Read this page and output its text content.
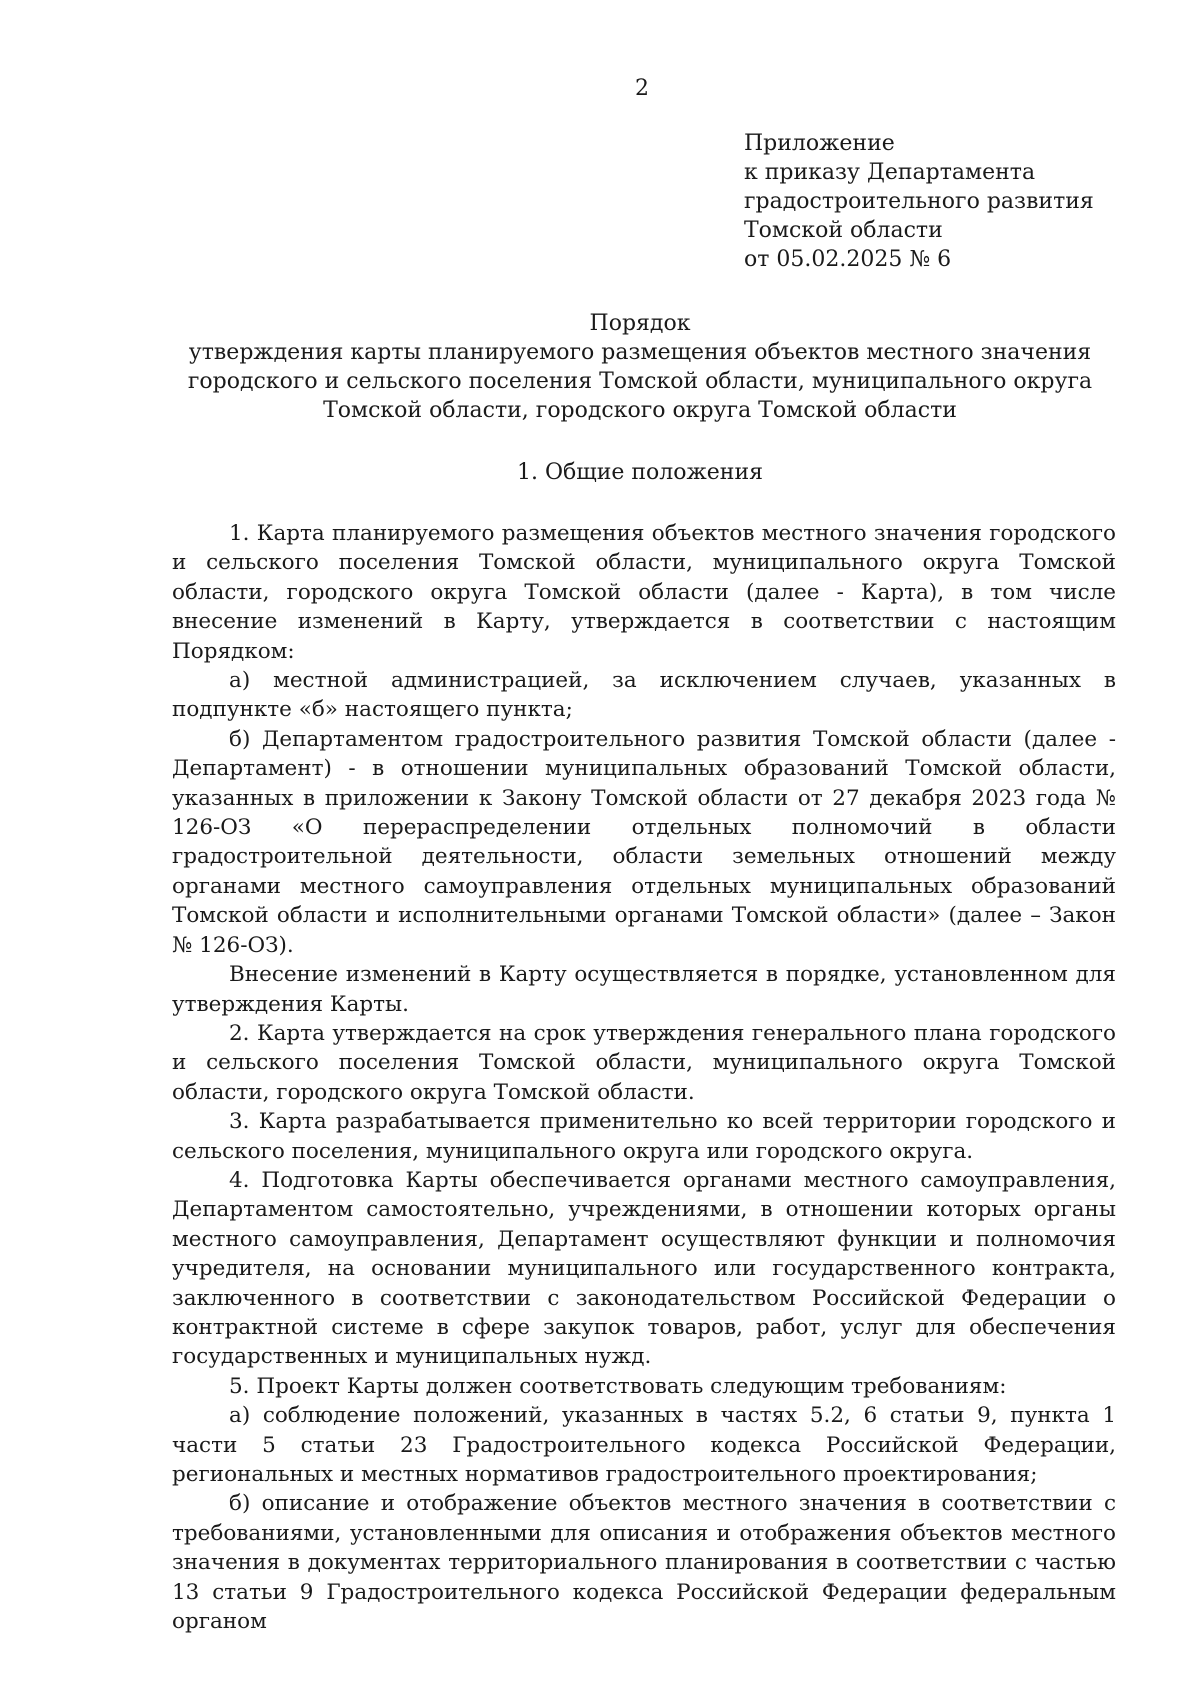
2
Приложение
к приказу Департамента
градостроительного развития
Томской области
от 05.02.2025 № 6
Порядок
утверждения карты планируемого размещения объектов местного значения
городского и сельского поселения Томской области, муниципального округа
Томской области, городского округа Томской области
1. Общие положения

1. Карта планируемого размещения объектов местного значения городского и сельского поселения Томской области, муниципального округа Томской области, городского округа Томской области (далее - Карта), в том числе внесение изменений в Карту, утверждается в соответствии с настоящим Порядком:

а) местной администрацией, за исключением случаев, указанных в подпункте «б» настоящего пункта;

б) Департаментом градостроительного развития Томской области (далее - Департамент) - в отношении муниципальных образований Томской области, указанных в приложении к Закону Томской области от 27 декабря 2023 года № 126-ОЗ «О перераспределении отдельных полномочий в области градостроительной деятельности, области земельных отношений между органами местного самоуправления отдельных муниципальных образований Томской области и исполнительными органами Томской области» (далее – Закон № 126-ОЗ).

Внесение изменений в Карту осуществляется в порядке, установленном для утверждения Карты.

2. Карта утверждается на срок утверждения генерального плана городского и сельского поселения Томской области, муниципального округа Томской области, городского округа Томской области.

3. Карта разрабатывается применительно ко всей территории городского и сельского поселения, муниципального округа или городского округа.

4. Подготовка Карты обеспечивается органами местного самоуправления, Департаментом самостоятельно, учреждениями, в отношении которых органы местного самоуправления, Департамент осуществляют функции и полномочия учредителя, на основании муниципального или государственного контракта, заключенного в соответствии с законодательством Российской Федерации о контрактной системе в сфере закупок товаров, работ, услуг для обеспечения государственных и муниципальных нужд.

5. Проект Карты должен соответствовать следующим требованиям:

а) соблюдение положений, указанных в частях 5.2, 6 статьи 9, пункта 1 части 5 статьи 23 Градостроительного кодекса Российской Федерации, региональных и местных нормативов градостроительного проектирования;

б) описание и отображение объектов местного значения в соответствии с требованиями, установленными для описания и отображения объектов местного значения в документах территориального планирования в соответствии с частью 13 статьи 9 Градостроительного кодекса Российской Федерации федеральным органом
